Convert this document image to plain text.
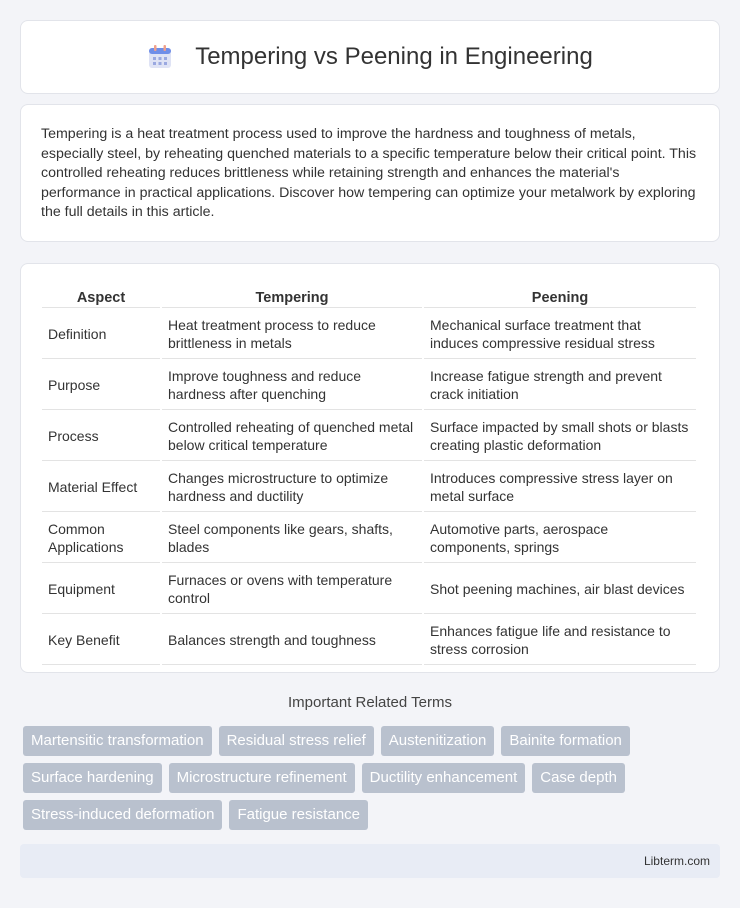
Tempering vs Peening in Engineering

Tempering is a heat treatment process used to improve the hardness and toughness of metals, especially steel, by reheating quenched materials to a specific temperature below their critical point. This controlled reheating reduces brittleness while retaining strength and enhances the material's performance in practical applications. Discover how tempering can optimize your metalwork by exploring the full details in this article.

Aspect	Tempering	Peening
Definition	Heat treatment process to reduce brittleness in metals	Mechanical surface treatment that induces compressive residual stress
Purpose	Improve toughness and reduce hardness after quenching	Increase fatigue strength and prevent crack initiation
Process	Controlled reheating of quenched metal below critical temperature	Surface impacted by small shots or blasts creating plastic deformation
Material Effect	Changes microstructure to optimize hardness and ductility	Introduces compressive stress layer on metal surface
Common Applications	Steel components like gears, shafts, blades	Automotive parts, aerospace components, springs
Equipment	Furnaces or ovens with temperature control	Shot peening machines, air blast devices
Key Benefit	Balances strength and toughness	Enhances fatigue life and resistance to stress corrosion
Important Related Terms
Martensitic transformation	Residual stress relief	Austenitization	Bainite formation
Surface hardening	Microstructure refinement	Ductility enhancement	Case depth
Stress-induced deformation	Fatigue resistance
Libterm.com
